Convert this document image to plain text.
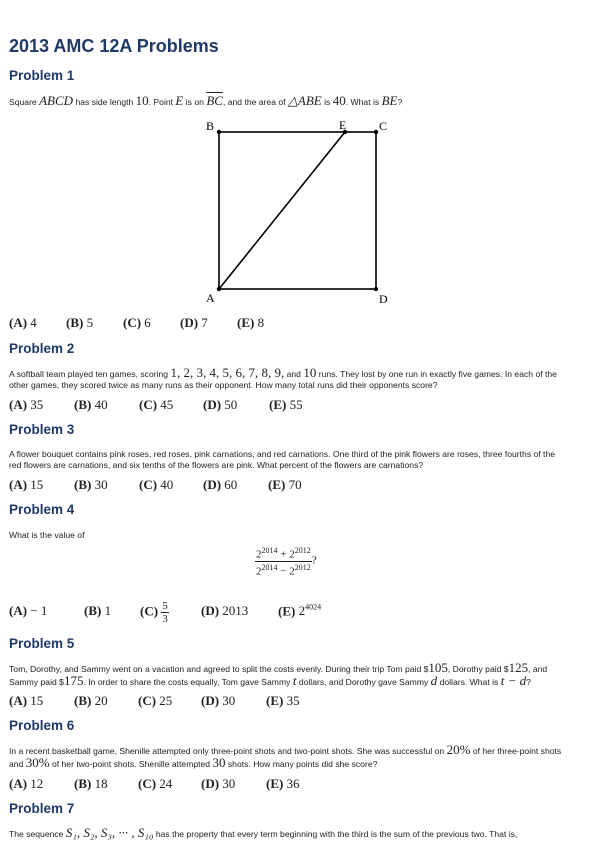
2013 AMC 12A Problems
Problem 1

Square ABCD has side length 10. Point E is on $\overline{BC}$, and the area of △ABE is 40. What is BE?

B	C
E
A	D
(A) 4 (B) 5 (C) 6 (D) 7 (E) 8
Problem 2

A softball team played ten games, scoring 1, 2, 3, 4, 5, 6, 7, 8, 9, and 10 runs. They lost by one run in exactly five games. In each of the
other games, they scored twice as many runs as their opponent. How many total runs did their opponents score?

(A) 35 (B) 40 (C) 45 (D) 50 (E) 55
Problem 3

A flower bouquet contains pink roses, red roses, pink carnations, and red carnations. One third of the pink flowers are roses, three fourths of the
red flowers are carnations, and six tenths of the flowers are pink. What percent of the flowers are carnations?

(A) 15 (B) 30 (C) 40 (D) 60 (E) 70
Problem 4

What is the value of

$\frac{2^{2014} + 2^{2012}}{2^{2014} - 2^{2012}}$ ?
(A) − 1	(B) 1 $(C) \frac{5}{3} (D)$ 2013 (E) $2^{4024}$
Problem 5

Tom, Dorothy, and Sammy went on a vacation and agreed to split the costs evenly. During their trip Tom paid $105, Dorothy paid $125, and
Sammy paid $175. In order to share the costs equally, Tom gave Sammy t dollars, and Dorothy gave Sammy d dollars. What is t − d?

(A) 15 (B) 20 (C) 25 (D) 30 (E) 35
Problem 6

In a recent basketball game, Shenille attempted only three-point shots and two-point shots. She was successful on 20% of her three-point shots
and 30% of her two-point shots. Shenille attempted 30 shots. How many points did she score?

(A) 12 (B) 18 (C) 24 (D) 30 (E) 36
Problem 7

The sequence S₁, S₂, S₃, ··· , S₁₀ has the property that every term beginning with the third is the sum of the previous two. That is,
